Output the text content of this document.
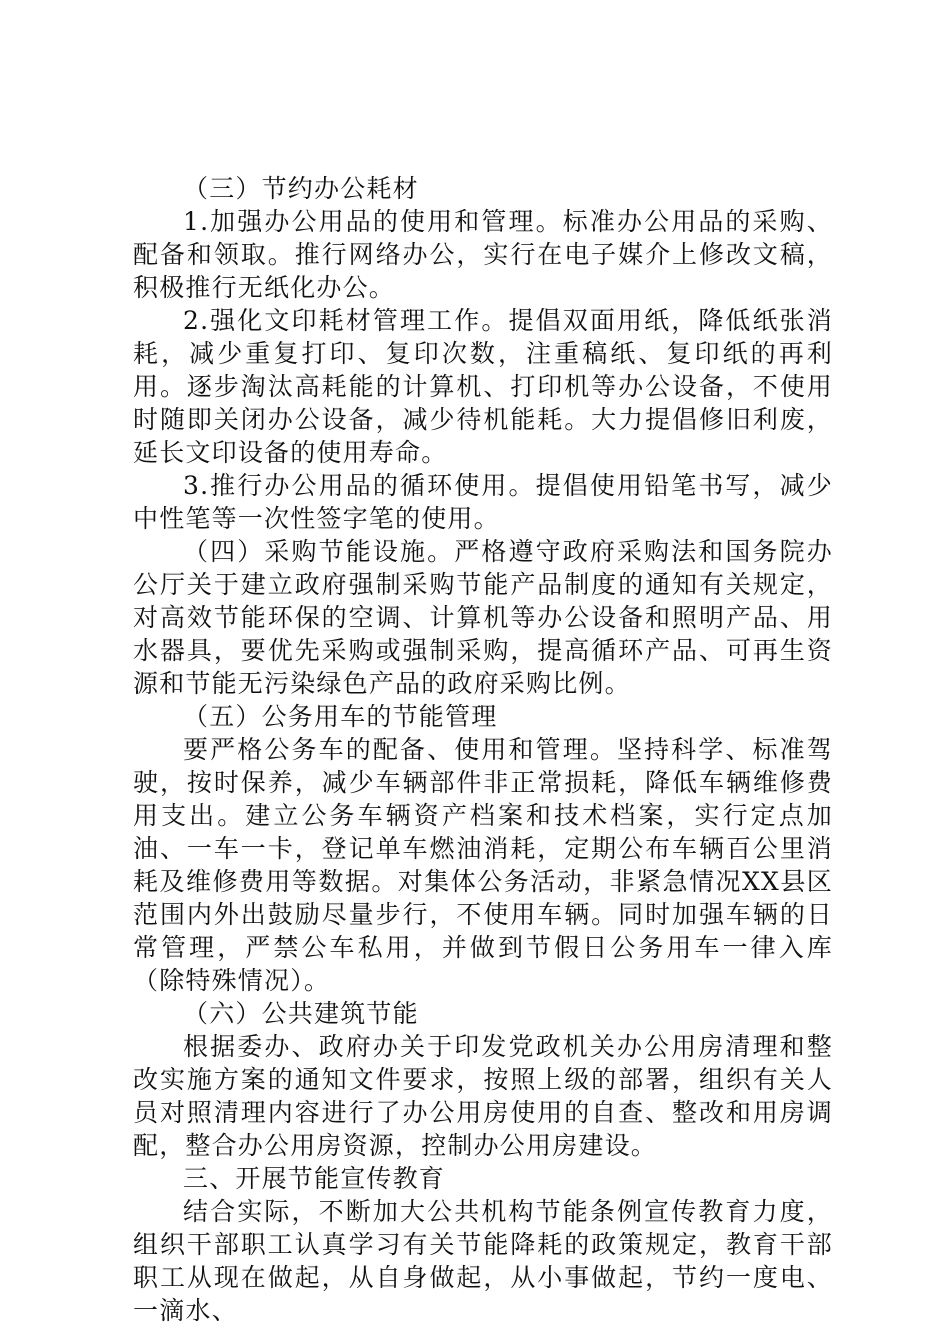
（三）节约办公耗材

1.加强办公用品的使用和管理。标准办公用品的采购、配备和领取。推行网络办公，实行在电子媒介上修改文稿，积极推行无纸化办公。

2.强化文印耗材管理工作。提倡双面用纸，降低纸张消耗，减少重复打印、复印次数，注重稿纸、复印纸的再利用。逐步淘汰高耗能的计算机、打印机等办公设备，不使用时随即关闭办公设备，减少待机能耗。大力提倡修旧利废，延长文印设备的使用寿命。

3.推行办公用品的循环使用。提倡使用铅笔书写，减少中性笔等一次性签字笔的使用。

（四）采购节能设施。严格遵守政府采购法和国务院办公厅关于建立政府强制采购节能产品制度的通知有关规定，对高效节能环保的空调、计算机等办公设备和照明产品、用水器具，要优先采购或强制采购，提高循环产品、可再生资源和节能无污染绿色产品的政府采购比例。

（五）公务用车的节能管理

要严格公务车的配备、使用和管理。坚持科学、标准驾驶，按时保养，减少车辆部件非正常损耗，降低车辆维修费用支出。建立公务车辆资产档案和技术档案，实行定点加油、一车一卡，登记单车燃油消耗，定期公布车辆百公里消耗及维修费用等数据。对集体公务活动，非紧急情况XX县区范围内外出鼓励尽量步行，不使用车辆。同时加强车辆的日常管理，严禁公车私用，并做到节假日公务用车一律入库（除特殊情况）。

（六）公共建筑节能

根据委办、政府办关于印发党政机关办公用房清理和整改实施方案的通知文件要求，按照上级的部署，组织有关人员对照清理内容进行了办公用房使用的自查、整改和用房调配，整合办公用房资源，控制办公用房建设。

三、开展节能宣传教育

结合实际，不断加大公共机构节能条例宣传教育力度，组织干部职工认真学习有关节能降耗的政策规定，教育干部职工从现在做起，从自身做起，从小事做起，节约一度电、一滴水、
